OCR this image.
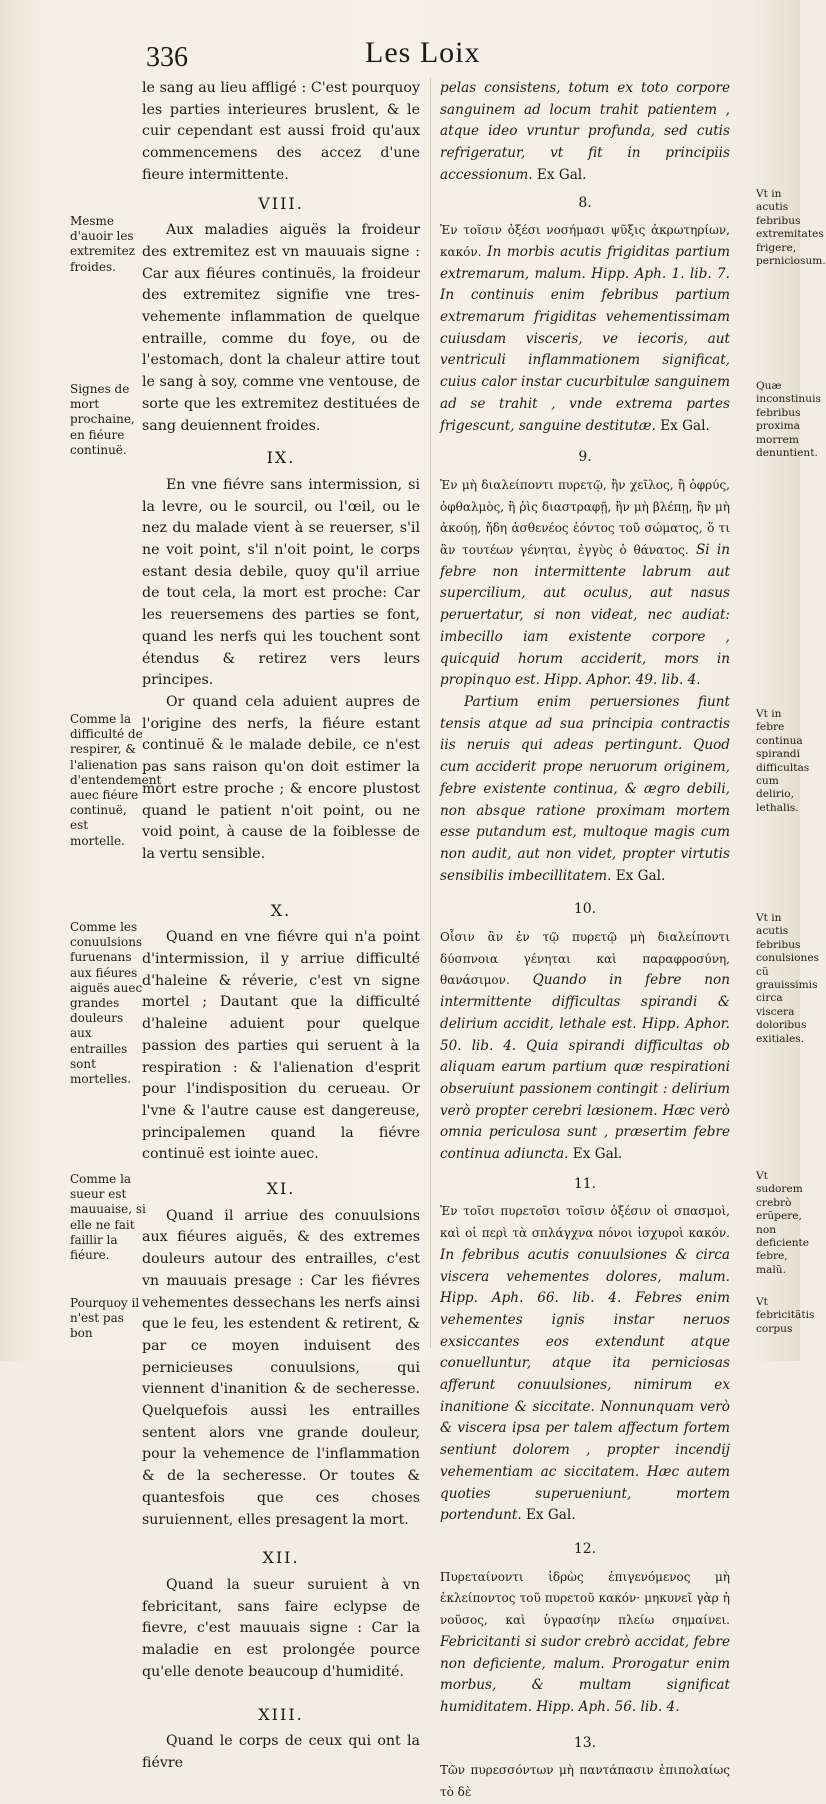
336	Les Loix

le sang au lieu affligé : C'est pourquoy les parties interieures bruslent, & le cuir cependant est aussi froid qu'aux commencemens des accez d'une fieure intermittente.

VIII.

Aux maladies aiguës la froideur des extremitez est vn mauuais signe : Car aux fiéures continuës, la froideur des extremitez signifie vne tres-vehemente inflammation de quelque entraille, comme du foye, ou de l'estomach, dont la chaleur attire tout le sang à soy, comme vne ventouse, de sorte que les extremitez destituées de sang deuiennent froides.

IX.

En vne fiévre sans intermission, si la levre, ou le sourcil, ou l'œil, ou le nez du malade vient à se reuerser, s'il ne voit point, s'il n'oit point, le corps estant desia debile, quoy qu'il arriue de tout cela, la mort est proche: Car les reuersemens des parties se font, quand les nerfs qui les touchent sont étendus & retirez vers leurs principes.

Or quand cela aduient aupres de l'origine des nerfs, la fiéure estant continuë & le malade debile, ce n'est pas sans raison qu'on doit estimer la mort estre proche ; & encore plustost quand le patient n'oit point, ou ne void point, à cause de la foiblesse de la vertu sensible.

X.

Quand en vne fiévre qui n'a point d'intermission, il y arriue difficulté d'haleine & réverie, c'est vn signe mortel ; Dautant que la difficulté d'haleine aduient pour quelque passion des parties qui seruent à la respiration : & l'alienation d'esprit pour l'indisposition du cerueau. Or l'vne & l'autre cause est dangereuse, principalemen quand la fiévre continuë est iointe auec.

XI.

Quand il arriue des conuulsions aux fiéures aiguës, & des extremes douleurs autour des entrailles, c'est vn mauuais presage : Car les fiévres vehementes dessechans les nerfs ainsi que le feu, les estendent & retirent, & par ce moyen induisent des pernicieuses conuulsions, qui viennent d'inanition & de secheresse. Quelquefois aussi les entrailles sentent alors vne grande douleur, pour la vehemence de l'inflammation & de la secheresse. Or toutes & quantesfois que ces choses suruiennent, elles presagent la mort.

XII.

Quand la sueur suruient à vn febricitant, sans faire eclypse de fievre, c'est mauuais signe : Car la maladie en est prolongée pource qu'elle denote beaucoup d'humidité.

XIII.

Quand le corps de ceux qui ont la fiévre

Mesme d'auoir les extremitez froides.
Signes de mort prochaine, en fiéure continuë.
Comme la difficulté de respirer, & l'alienation d'entendement auec fiéure continuë, est mortelle.
Comme les conuulsions furuenans aux fiéures aiguës auec grandes douleurs aux entrailles sont mortelles.
Comme la sueur est mauuaise, si elle ne fait faillir la fiéure.
Pourquoy il n'est pas bon

pelas consistens, totum ex toto corpore sanguinem ad locum trahit patientem , atque ideo vruntur profunda, sed cutis refrigeratur, vt fit in principiis accessionum. Ex Gal.

8.

Ἐν τοῖσιν ὀξέσι νοσήμασι ψῦξις ἀκρωτηρίων, κακόν. In morbis acutis frigiditas partium extremarum, malum. Hipp. Aph. 1. lib. 7. In continuis enim febribus partium extremarum frigiditas vehementissimam cuiusdam visceris, ve iecoris, aut ventriculi inflammationem significat, cuius calor instar cucurbitulæ sanguinem ad se trahit , vnde extrema partes frigescunt, sanguine destitutæ. Ex Gal.

9.

Ἐν μὴ διαλείποντι πυρετῷ, ἢν χεῖλος, ἢ ὀφρύς, ὀφθαλμὸς, ἢ ῥὶς διαστραφῇ, ἢν μὴ βλέπῃ, ἢν μὴ ἀκούῃ, ἤδη ἀσθενέος ἐόντος τοῦ σώματος, ὅ τι ἂν τουτέων γένηται, ἐγγὺς ὁ θάνατος. Si in febre non intermittente labrum aut supercilium, aut oculus, aut nasus peruertatur, si non videat, nec audiat: imbecillo iam existente corpore , quicquid horum acciderit, mors in propinquo est. Hipp. Aphor. 49. lib. 4.

Partium enim peruersiones fiunt tensis atque ad sua principia contractis iis neruis qui adeas pertingunt. Quod cum acciderit prope neruorum originem, febre existente continua, & ægro debili, non absque ratione proximam mortem esse putandum est, multoque magis cum non audit, aut non videt, propter virtutis sensibilis imbecillitatem. Ex Gal.

10.

Οἷσιν ἂν ἐν τῷ πυρετῷ μὴ διαλείποντι δύσπνοια γένηται καὶ παραφροσύνη, θανάσιμον. Quando in febre non intermittente difficultas spirandi & delirium accidit, lethale est. Hipp. Aphor. 50. lib. 4. Quia spirandi difficultas ob aliquam earum partium quæ respirationi obseruiunt passionem contingit : delirium verò propter cerebri læsionem. Hæc verò omnia periculosa sunt , præsertim febre continua adiuncta. Ex Gal.

11.

Ἐν τοῖσι πυρετοῖσι τοῖσιν ὀξέσιν οἱ σπασμοὶ, καὶ οἱ περὶ τὰ σπλάγχνα πόνοι ἰσχυροὶ κακόν. In febribus acutis conuulsiones & circa viscera vehementes dolores, malum. Hipp. Aph. 66. lib. 4. Febres enim vehementes ignis instar neruos exsiccantes eos extendunt atque conuelluntur, atque ita perniciosas afferunt conuulsiones, nimirum ex inanitione & siccitate. Nonnunquam verò & viscera ipsa per talem affectum fortem sentiunt dolorem , propter incendij vehementiam ac siccitatem. Hæc autem quoties superueniunt, mortem portendunt. Ex Gal.

12.

Πυρεταίνοντι ἱδρὼς ἐπιγενόμενος μὴ ἐκλείποντος τοῦ πυρετοῦ κακόν· μηκυνεῖ γὰρ ἡ νοῦσος, καὶ ὑγρασίην πλείω σημαίνει. Febricitanti si sudor crebrò accidat, febre non deficiente, malum. Prorogatur enim morbus, & multam significat humiditatem. Hipp. Aph. 56. lib. 4.

13.

Τῶν πυρεσσόντων μὴ παντάπασιν ἐπιπολαίως τὸ δὲ

Vt in acutis febribus extremitates frigere, perniciosum.
Quæ inconstinuis febribus proxima morrem denuntient.
Vt in febre continua spirandi difficultas cum delirio, lethalis.
Vt in acutis febribus conulsiones cũ grauissimis circa viscera doloribus exitiales.
Vt sudorem crebrò erũpere, non deficiente febre, malũ.
Vt febricitãtis corpus
